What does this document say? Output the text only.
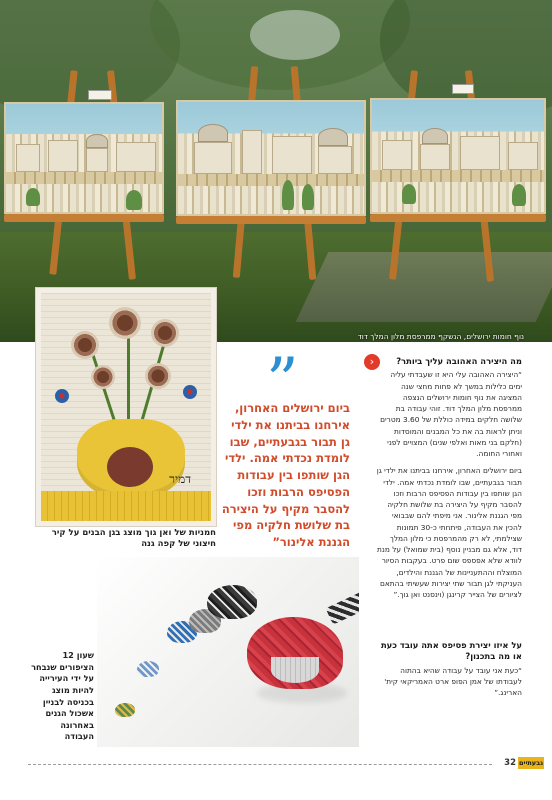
נוף חומות ירושלים, הנשקף ממרפסת מלון המלך דוד
דמיר
חמניות של ואן גוך מוצג בגן הבנים על קיר חיצוני של קפה גנה
”
ביום ירושלים האחרון, אירחנו בביתנו את ילדי גן תבור בגבעתיים, שבו לומדת נכדתי אמה. ילדי הגן שותפו בין עבודות הפסיפס הרבות וזכו להסבר מקיף על היצירה בת שלושת חלקיה מפי הגננת אלינור”
‹	מה היצירה האהובה עליך ביותר?

“היצירה האהובה עלי היא זו שעבדתי עליה ימים כלילות במשך לא פחות מחצי שנה המציגה את נוף חומות ירושלים הנצפה ממרפסת מלון המלך דוד. זוהי עבודה בת שלושה חלקים במידה כוללת של 3.60 מטרים וניתן לראות בה את כל המבנים והמוסדות (חלקם בני מאות ואלפי שנים) המצויים לפני ואחורי החומה.

ביום ירושלים האחרון, אירחנו בביתנו את ילדי גן תבור בגבעתיים, שבו לומדת נכדתי אמה. ילדי הגן שותפו בין עבודות הפסיפס הרבות וזכו להסבר מקיף על היצירה בת שלושת חלקיה מפי הגננת אלינור. אני מיפתי להם שבבואי להכין את העבודה, פיתחתי כ-30 תמונות שצילמתי, לא רק מהמרפסת כי מלון המלך דוד, אלא גם מבניין נוסף (בית שמואל) על מנת לוודא שלא אפספס שום פרט. בעקבות הסיור המוצלח וההתעניינות של הגננת והילדים, העניקתי לגן תבור שתי יצירות שעשיתי בהתאם לציורים של הצייר קרינגן (וינסנט ואן גוך.”

על איזו יצירת פסיפס אתה עובד כעת או מה בתכנון?

“כעת אני עובד על עבודה שהיא בהתוה לעבודתו של אמן הפופ ארט האמריקאי קית' הארינג.”

שעון 12 הציפורים שנבחר על ידי העירייה להיות מוצג בכניסה לבניין אשכול הגנים באחרונה העבודה
32 גבעתיים
